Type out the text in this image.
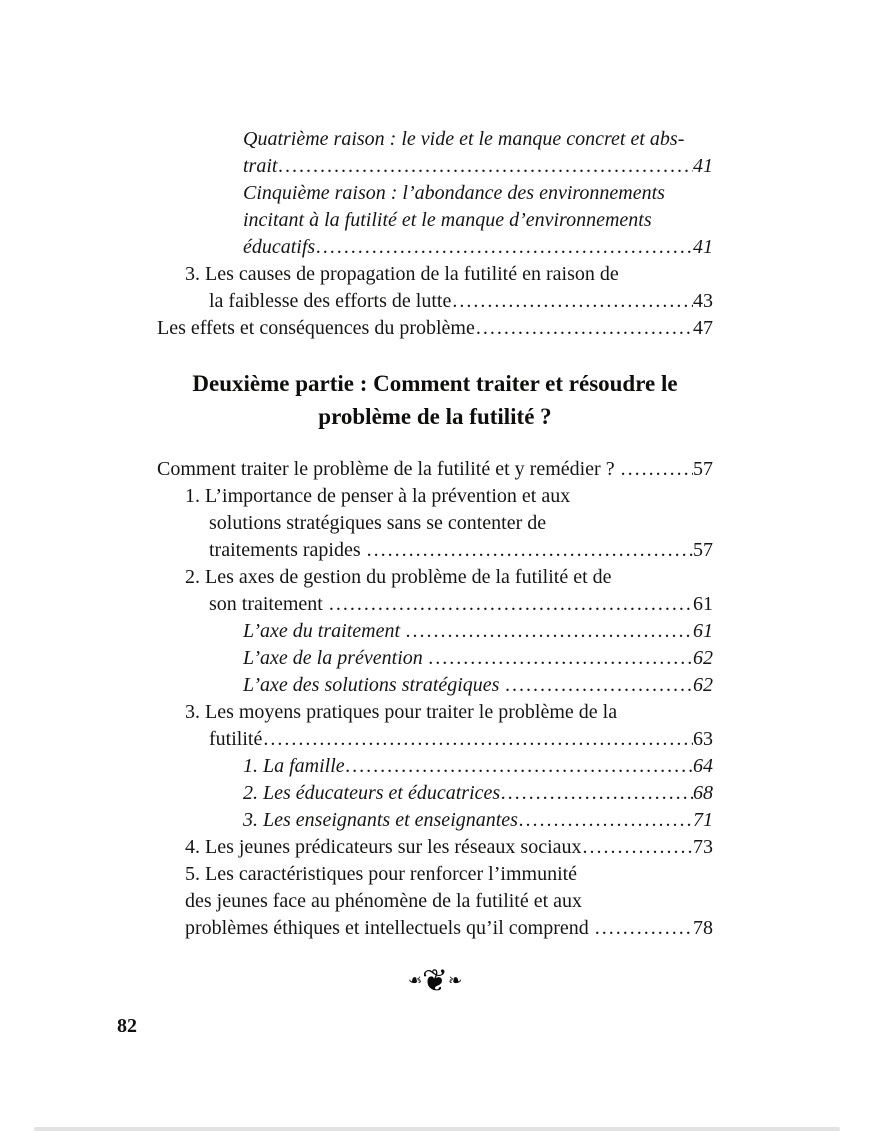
Quatrième raison : le vide et le manque concret et abs-
trait .....	41
Cinquième raison : l’abondance des environnements
incitant à la futilité et le manque d’environnements
éducatifs .....	41
3. Les causes de propagation de la futilité en raison de
la faiblesse des efforts de lutte .....	43
Les effets et conséquences du problème .....	47
Deuxième partie : Comment traiter et résoudre le
problème de la futilité ?
Comment traiter le problème de la futilité et y remédier ? .....	57
1. L’importance de penser à la prévention et aux
solutions stratégiques sans se contenter de
traitements rapides .....	57
2. Les axes de gestion du problème de la futilité et de
son traitement .....	61
L’axe du traitement .....	61
L’axe de la prévention .....	62
L’axe des solutions stratégiques .....	62
3. Les moyens pratiques pour traiter le problème de la
futilité .....	63
1. La famille .....	64
2. Les éducateurs et éducatrices .....	68
3. Les enseignants et enseignantes .....	71
4. Les jeunes prédicateurs sur les réseaux sociaux .....	73
5. Les caractéristiques pour renforcer l’immunité
des jeunes face au phénomène de la futilité et aux
problèmes éthiques et intellectuels qu’il comprend .....	78
❧❦❧
82
